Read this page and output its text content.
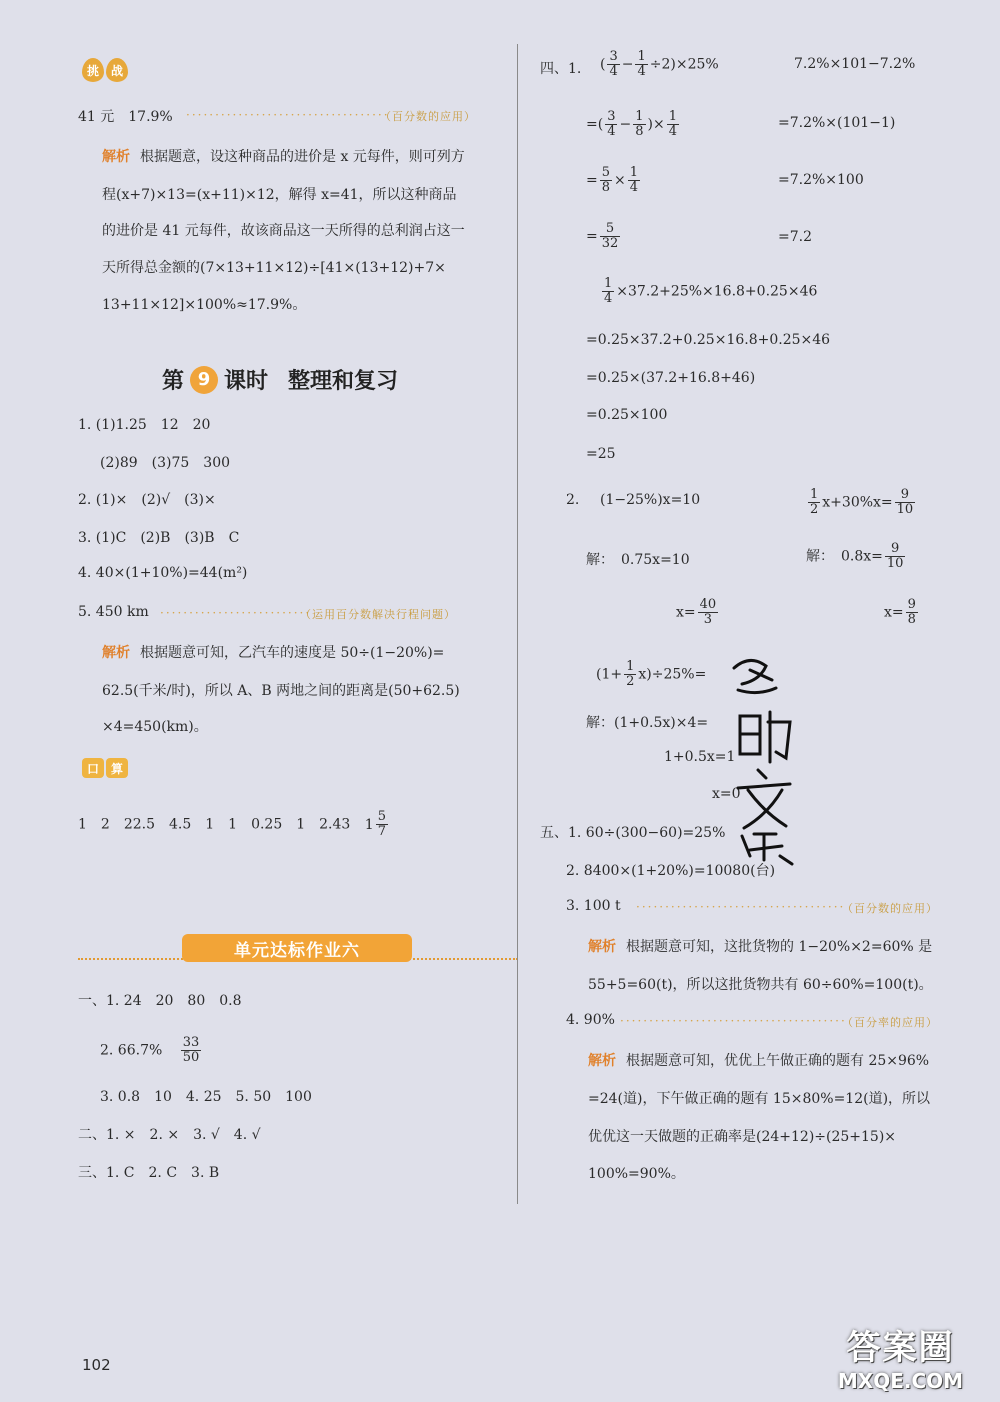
挑 战
41 元　17.9% ···································
（百分数的应用）
解析 根据题意，设这种商品的进价是 x 元每件，则可列方
程(x+7)×13=(x+11)×12，解得 x=41，所以这种商品
的进价是 41 元每件，故该商品这一天所得的总利润占这一
天所得总金额的(7×13+11×12)÷[41×(13+12)+7×
13+11×12]×100%≈17.9%。
第 9 课时 整理和复习
1. (1)1.25　12　20
(2)89　(3)75　300
2. (1)×　(2)√　(3)×
3. (1)C　(2)B　(3)B　C
4. 40×(1+10%)=44(m²)
5. 450 km ··························
（运用百分数解决行程问题）
解析 根据题意可知，乙汽车的速度是 50÷(1−20%)=
62.5(千米/时)，所以 A、B 两地之间的距离是(50+62.5)
×4=450(km)。
口 算
1　2　22.5　4.5　1　1　0.25　1　2.43 $1 \frac{5}{7}$
单元达标作业六
一、1. 24　20　80　0.8
2. $66.7\% \frac{33}{50}$
3. 0.8　10　4. 25　5. 50　100
二、1. ×　2. ×　3. √　4. √
三、1. C　2. C　3. B
102
四、1. ( $\frac{3}{4} - \frac{1}{4} \div 2)\times 25\%$
=( $\frac{3}{4} - \frac{1}{8}$ )× $\frac{1}{4}$
= $\frac{5}{8} \times \frac{1}{4}$
= $\frac{5}{32}$
7.2%×101−7.2%
=7.2%×(101−1)
=7.2%×100
=7.2
$\frac{1}{4} \times 37.2+25\%\times 16.8+0.25\times 46$
=0.25×37.2+0.25×16.8+0.25×46
=0.25×(37.2+16.8+46)
=0.25×100
=25
2. (1−25%)x=10
解：　0.75x=10
$x= \frac{40}{3}$
$\frac{1}{2} x+30\%x= \frac{9}{10}$
解：　$0.8x= \frac{9}{10}$
$x= \frac{9}{8}$
$(1+ \frac{1}{2} x)\div 25\%=$
解：(1+0.5x)×4=
1+0.5x=1
x=0
五、1. 60÷(300−60)=25%
2. 8400×(1+20%)=10080(台)
3. 100 t ····································
（百分数的应用）
解析 根据题意可知，这批货物的 1−20%×2=60% 是
55+5=60(t)，所以这批货物共有 60÷60%=100(t)。
4. 90% ·······································
（百分率的应用）
解析 根据题意可知，优优上午做正确的题有 25×96%
=24(道)，下午做正确的题有 15×80%=12(道)，所以
优优这一天做题的正确率是(24+12)÷(25+15)×
100%=90%。
答案圈
MXQE.COM
